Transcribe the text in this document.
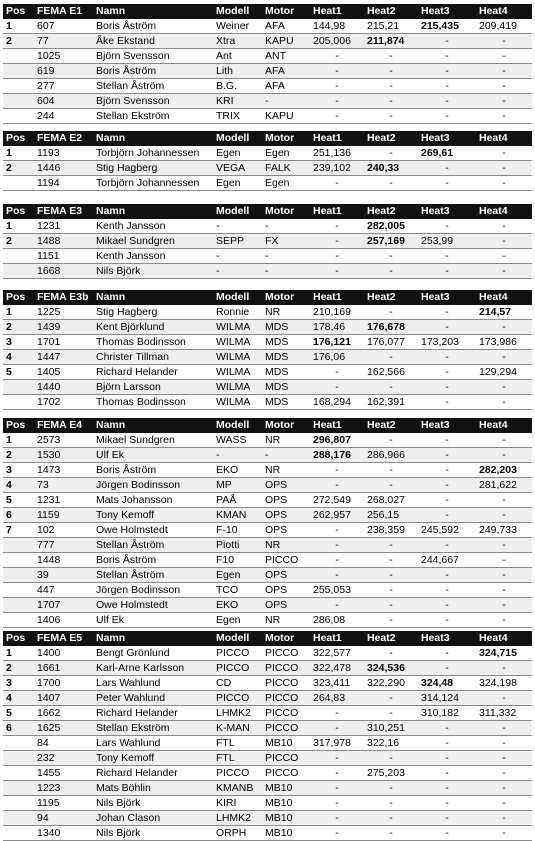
Pos	FEMA E1	Namn	Modell	Motor	Heat1	Heat2	Heat3	Heat4
1	607	Boris Åström	Weiner	AFA	144,98	215,21	215,435	209,419
2	77	Åke Ekstand	Xtra	KAPU	205,006	211,874	-	-
	1025	Björn Svensson	Ant	ANT	-	-	-	-
	619	Boris Åström	Lith	AFA	-	-	-	-
	277	Stellan Åström	B.G.	AFA	-	-	-	-
	604	Björn Svensson	KRI	-	-	-	-	-
	244	Stellan Ekström	TRIX	KAPU	-	-	-	-
Pos	FEMA E2	Namn	Modell	Motor	Heat1	Heat2	Heat3	Heat4
1	1193	Torbjörn Johannessen	Egen	Egen	251,136	-	269,61	-
2	1446	Stig Hagberg	VEGA	FALK	239,102	240,33	-	-
	1194	Torbjörn Johannessen	Egen	Egen	-	-	-	-
Pos	FEMA E3	Namn	Modell	Motor	Heat1	Heat2	Heat3	Heat4
1	1231	Kenth Jansson	-	-	-	282,005	-	-
2	1488	Mikael Sundgren	SEPP	FX	-	257,169	253,99	-
	1151	Kenth Jansson	-	-	-	-	-	-
	1668	Nils Björk	-	-	-	-	-	-
Pos	FEMA E3b	Namn	Modell	Motor	Heat1	Heat2	Heat3	Heat4
1	1225	Stig Hagberg	Ronnie	NR	210,169	-	-	214,57
2	1439	Kent Björklund	WILMA	MDS	178,46	176,678	-	-
3	1701	Thomas Bodinsson	WILMA	MDS	176,121	176,077	173,203	173,986
4	1447	Christer Tillman	WILMA	MDS	176,06	-	-	-
5	1405	Richard Helander	WILMA	MDS	-	162,566	-	129,294
	1440	Björn Larsson	WILMA	MDS	-	-	-	-
	1702	Thomas Bodinsson	WILMA	MDS	168,294	162,391	-	-
Pos	FEMA E4	Namn	Modell	Motor	Heat1	Heat2	Heat3	Heat4
1	2573	Mikael Sundgren	WASS	NR	296,807	-	-	-
2	1530	Ulf Ek	-	-	288,176	286,966	-	-
3	1473	Boris Åström	EKO	NR	-	-	-	282,203
4	73	Jörgen Bodinsson	MP	OPS	-	-	-	281,622
5	1231	Mats Johansson	PAÅ	OPS	272,549	268,027	-	-
6	1159	Tony Kemoff	KMAN	OPS	262,957	256,15	-	-
7	102	Owe Holmstedt	F-10	OPS	-	238,359	245,592	249,733
	777	Stellan Åström	Piotti	NR	-	-	-	-
	1448	Boris Åström	F10	PICCO	-	-	244,667	-
	39	Stellan Åström	Egen	OPS	-	-	-	-
	447	Jörgen Bodinsson	TCO	OPS	255,053	-	-	-
	1707	Owe Holmstedt	EKO	OPS	-	-	-	-
	1406	Ulf Ek	Egen	NR	286,08	-	-	-
Pos	FEMA E5	Namn	Modell	Motor	Heat1	Heat2	Heat3	Heat4
1	1400	Bengt Grönlund	PICCO	PICCO	322,577	-	-	324,715
2	1661	Karl-Arne Karlsson	PICCO	PICCO	322,478	324,536	-	-
3	1700	Lars Wahlund	CD	PICCO	323,411	322,290	324,48	324,198
4	1407	Peter Wahlund	PICCO	PICCO	264,83	-	314,124	-
5	1662	Richard Helander	LHMK2	PICCO	-	-	310,182	311,332
6	1625	Stellan Ekström	K-MAN	PICCO	-	310,251	-	-
	84	Lars Wahlund	FTL	MB10	317,978	322,16	-	-
	232	Tony Kemoff	FTL	PICCO	-	-	-	-
	1455	Richard Helander	PICCO	PICCO	-	275,203	-	-
	1223	Mats Böhlin	KMANB	MB10	-	-	-	-
	1195	Nils Björk	KIRI	MB10	-	-	-	-
	94	Johan Clason	LHMK2	MB10	-	-	-	-
	1340	Nils Björk	ORPH	MB10	-	-	-	-
